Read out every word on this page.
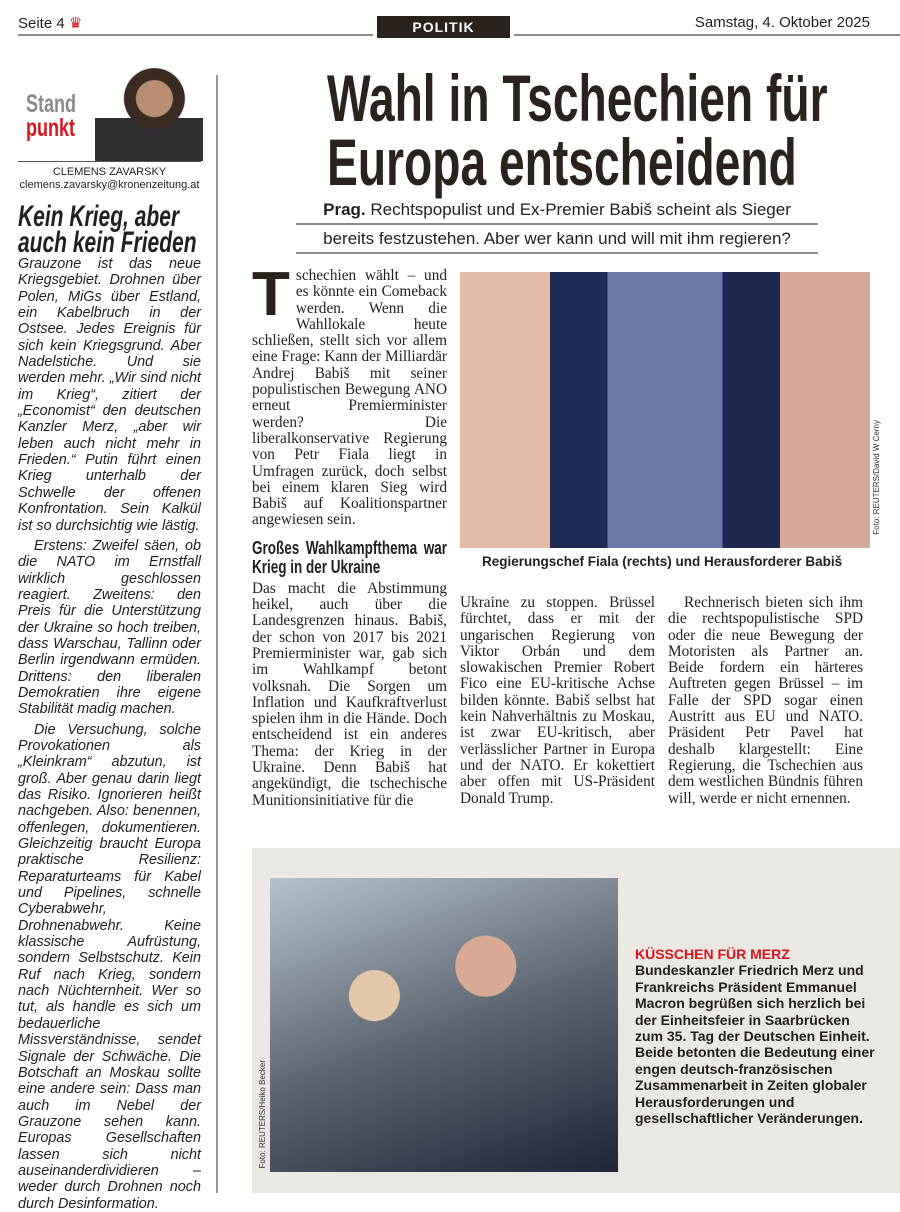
Seite 4 ♛	POLITIK	Samstag, 4. Oktober 2025
Stand
punkt
CLEMENS ZAVARSKY
clemens.zavarsky@kronenzeitung.at
Kein Krieg, aber auch kein Frieden

Grauzone ist das neue Kriegsgebiet. Drohnen über Polen, MiGs über Estland, ein Kabelbruch in der Ostsee. Jedes Ereignis für sich kein Kriegsgrund. Aber Nadelstiche. Und sie werden mehr. „Wir sind nicht im Krieg“, zitiert der „Economist“ den deutschen Kanzler Merz, „aber wir leben auch nicht mehr in Frieden.“ Putin führt einen Krieg unterhalb der Schwelle der offenen Konfrontation. Sein Kalkül ist so durchsichtig wie lästig.

Erstens: Zweifel säen, ob die NATO im Ernstfall wirklich geschlossen reagiert. Zweitens: den Preis für die Unterstützung der Ukraine so hoch treiben, dass Warschau, Tallinn oder Berlin irgendwann ermüden. Drittens: den liberalen Demokratien ihre eigene Stabilität madig machen.

Die Versuchung, solche Provokationen als „Kleinkram“ abzutun, ist groß. Aber genau darin liegt das Risiko. Ignorieren heißt nachgeben. Also: benennen, offenlegen, dokumentieren. Gleichzeitig braucht Europa praktische Resilienz: Reparaturteams für Kabel und Pipelines, schnelle Cyberabwehr, Drohnenabwehr. Keine klassische Aufrüstung, sondern Selbstschutz. Kein Ruf nach Krieg, sondern nach Nüchternheit. Wer so tut, als handle es sich um bedauerliche Missverständnisse, sendet Signale der Schwäche. Die Botschaft an Moskau sollte eine andere sein: Dass man auch im Nebel der Grauzone sehen kann. Europas Gesellschaften lassen sich nicht auseinanderdividieren – weder durch Drohnen noch durch Desinformation.

Wahl in Tschechien für
Europa entscheidend
Prag. Rechtspopulist und Ex-Premier Babiš scheint als Sieger
bereits festzustehen. Aber wer kann und will mit ihm regieren?
Tschechien wählt – und es könnte ein Comeback werden. Wenn die Wahllokale heute schließen, stellt sich vor allem eine Frage: Kann der Milliardär Andrej Babiš mit seiner populistischen Bewegung ANO erneut Premierminister werden? Die liberalkonservative Regierung von Petr Fiala liegt in Umfragen zurück, doch selbst bei einem klaren Sieg wird Babiš auf Koalitionspartner angewiesen sein.
Großes Wahlkampfthema war Krieg in der Ukraine

Das macht die Abstimmung heikel, auch über die Landesgrenzen hinaus. Babiš, der schon von 2017 bis 2021 Premierminister war, gab sich im Wahlkampf betont volksnah. Die Sorgen um Inflation und Kaufkraftverlust spielen ihm in die Hände. Doch entscheidend ist ein anderes Thema: der Krieg in der Ukraine. Denn Babiš hat angekündigt, die tschechische Munitionsinitiative für die

Foto: REUTERS/David W Cerny
Regierungschef Fiala (rechts) und Herausforderer Babiš
Ukraine zu stoppen. Brüssel fürchtet, dass er mit der ungarischen Regierung von Viktor Orbán und dem slowakischen Premier Robert Fico eine EU-kritische Achse bilden könnte. Babiš selbst hat kein Nahverhältnis zu Moskau, ist zwar EU-kritisch, aber verlässlicher Partner in Europa und der NATO. Er kokettiert aber offen mit US-Präsident Donald Trump.
Rechnerisch bieten sich ihm die rechtspopulistische SPD oder die neue Bewegung der Motoristen als Partner an. Beide fordern ein härteres Auftreten gegen Brüssel – im Falle der SPD sogar einen Austritt aus EU und NATO. Präsident Petr Pavel hat deshalb klargestellt: Eine Regierung, die Tschechien aus dem westlichen Bündnis führen will, werde er nicht ernennen.
Foto: REUTERS/Heiko Becker
KÜSSCHEN FÜR MERZ
Bundeskanzler Friedrich Merz und Frankreichs Präsident Emmanuel Macron begrüßen sich herzlich bei der Einheitsfeier in Saarbrücken zum 35. Tag der Deutschen Einheit. Beide betonten die Bedeutung einer engen deutsch-französischen Zusammenarbeit in Zeiten globaler Herausforderungen und gesellschaftlicher Veränderungen.
